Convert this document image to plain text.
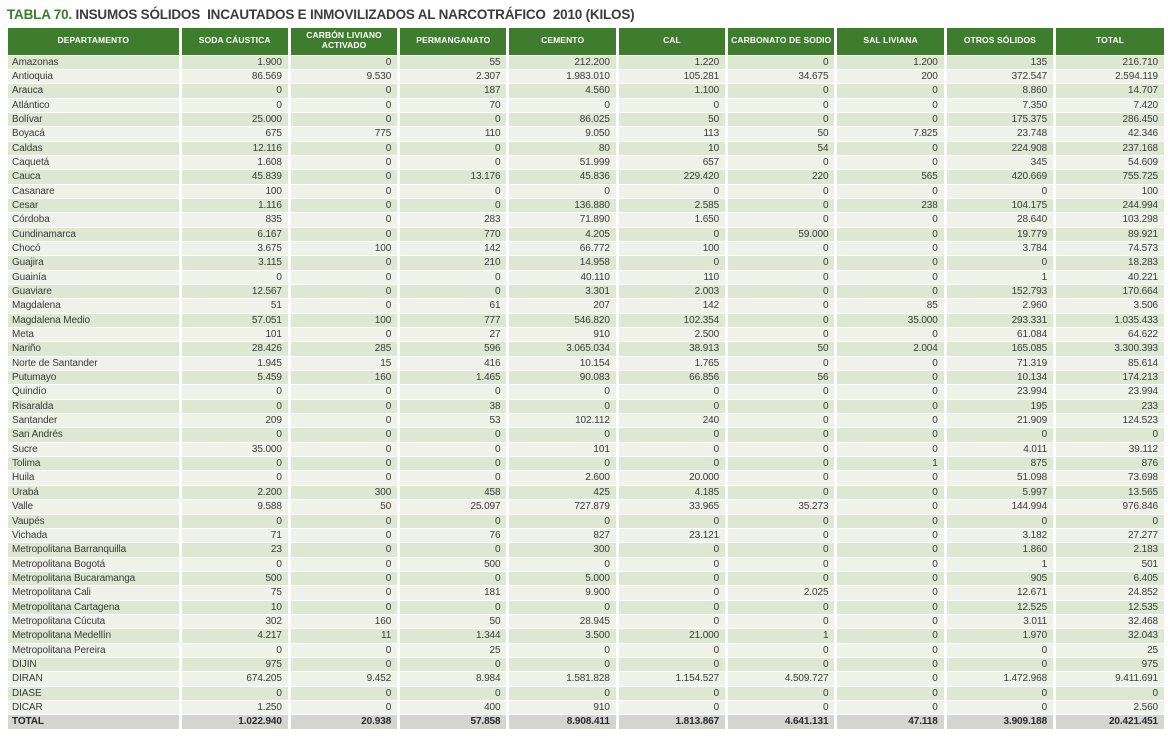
TABLA 70. INSUMOS SÓLIDOS  INCAUTADOS E INMOVILIZADOS AL NARCOTRÁFICO  2010 (KILOS)
DEPARTAMENTO	SODA CÁUSTICA	CARBÓN LIVIANO ACTIVADO	PERMANGANATO	CEMENTO	CAL	CARBONATO DE SODIO	SAL LIVIANA	OTROS SÓLIDOS	TOTAL
Amazonas	1.900	0	55	212.200	1.220	0	1.200	135	216.710
Antioquia	86.569	9.530	2.307	1.983.010	105.281	34.675	200	372.547	2.594.119
Arauca	0	0	187	4.560	1.100	0	0	8.860	14.707
Atlántico	0	0	70	0	0	0	0	7.350	7.420
Bolívar	25.000	0	0	86.025	50	0	0	175.375	286.450
Boyacá	675	775	110	9.050	113	50	7.825	23.748	42.346
Caldas	12.116	0	0	80	10	54	0	224.908	237.168
Caquetá	1.608	0	0	51.999	657	0	0	345	54.609
Cauca	45.839	0	13.176	45.836	229.420	220	565	420.669	755.725
Casanare	100	0	0	0	0	0	0	0	100
Cesar	1.116	0	0	136.880	2.585	0	238	104.175	244.994
Córdoba	835	0	283	71.890	1.650	0	0	28.640	103.298
Cundinamarca	6.167	0	770	4.205	0	59.000	0	19.779	89.921
Chocó	3.675	100	142	66.772	100	0	0	3.784	74.573
Guajira	3.115	0	210	14.958	0	0	0	0	18.283
Guainía	0	0	0	40.110	110	0	0	1	40.221
Guaviare	12.567	0	0	3.301	2.003	0	0	152.793	170.664
Magdalena	51	0	61	207	142	0	85	2.960	3.506
Magdalena Medio	57.051	100	777	546.820	102.354	0	35.000	293.331	1.035.433
Meta	101	0	27	910	2.500	0	0	61.084	64.622
Nariño	28.426	285	596	3.065.034	38.913	50	2.004	165.085	3.300.393
Norte de Santander	1.945	15	416	10.154	1.765	0	0	71.319	85.614
Putumayo	5.459	160	1.465	90.083	66.856	56	0	10.134	174.213
Quindío	0	0	0	0	0	0	0	23.994	23.994
Risaralda	0	0	38	0	0	0	0	195	233
Santander	209	0	53	102.112	240	0	0	21.909	124.523
San Andrés	0	0	0	0	0	0	0	0	0
Sucre	35.000	0	0	101	0	0	0	4.011	39.112
Tolima	0	0	0	0	0	0	1	875	876
Huila	0	0	0	2.600	20.000	0	0	51.098	73.698
Urabá	2.200	300	458	425	4.185	0	0	5.997	13.565
Valle	9.588	50	25.097	727.879	33.965	35.273	0	144.994	976.846
Vaupés	0	0	0	0	0	0	0	0	0
Vichada	71	0	76	827	23.121	0	0	3.182	27.277
Metropolitana Barranquilla	23	0	0	300	0	0	0	1.860	2.183
Metropolitana Bogotá	0	0	500	0	0	0	0	1	501
Metropolitana Bucaramanga	500	0	0	5.000	0	0	0	905	6.405
Metropolitana Cali	75	0	181	9.900	0	2.025	0	12.671	24.852
Metropolitana Cartagena	10	0	0	0	0	0	0	12.525	12.535
Metropolitana Cúcuta	302	160	50	28.945	0	0	0	3.011	32.468
Metropolitana Medellín	4.217	11	1.344	3.500	21.000	1	0	1.970	32.043
Metropolitana Pereira	0	0	25	0	0	0	0	0	25
DIJIN	975	0	0	0	0	0	0	0	975
DIRAN	674.205	9.452	8.984	1.581.828	1.154.527	4.509.727	0	1.472.968	9.411.691
DIASE	0	0	0	0	0	0	0	0	0
DICAR	1.250	0	400	910	0	0	0	0	2.560
TOTAL	1.022.940	20.938	57.858	8.908.411	1.813.867	4.641.131	47.118	3.909.188	20.421.451
